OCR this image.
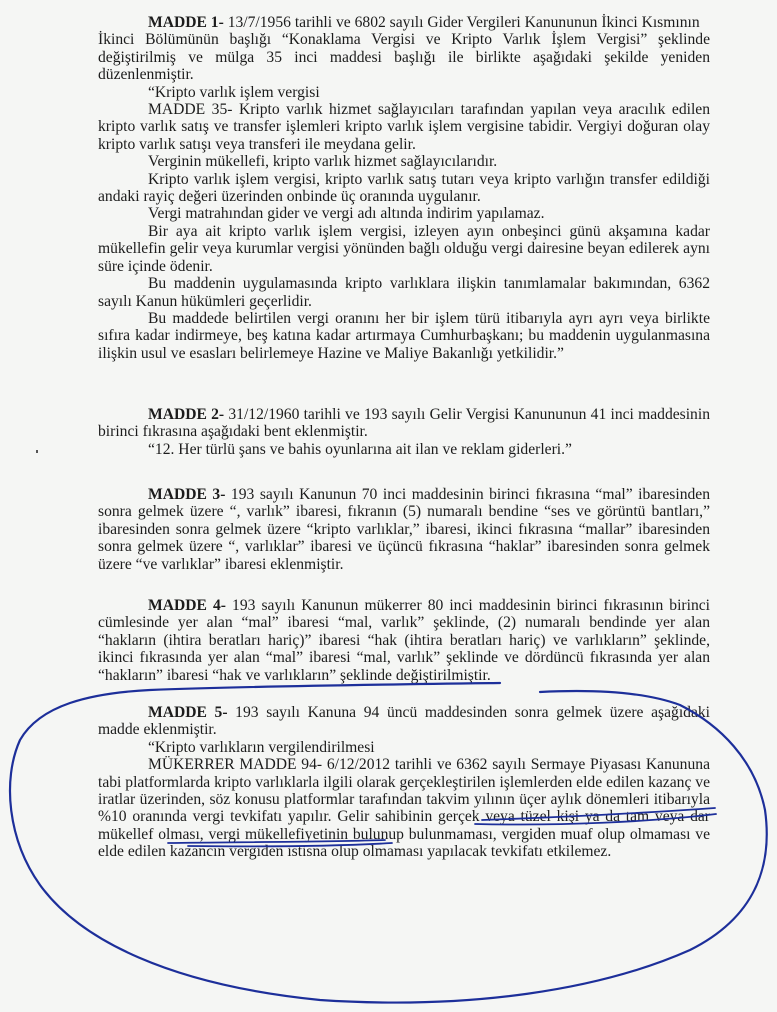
MADDE 1- 13/7/1956 tarihli ve 6802 sayılı Gider Vergileri Kanununun İkinci Kısmının

İkinci Bölümünün başlığı “Konaklama Vergisi ve Kripto Varlık İşlem Vergisi” şeklinde değiştirilmiş ve mülga 35 inci maddesi başlığı ile birlikte aşağıdaki şekilde yeniden düzenlenmiştir.

“Kripto varlık işlem vergisi

MADDE 35- Kripto varlık hizmet sağlayıcıları tarafından yapılan veya aracılık edilen kripto varlık satış ve transfer işlemleri kripto varlık işlem vergisine tabidir. Vergiyi doğuran olay kripto varlık satışı veya transferi ile meydana gelir.

Verginin mükellefi, kripto varlık hizmet sağlayıcılarıdır.

Kripto varlık işlem vergisi, kripto varlık satış tutarı veya kripto varlığın transfer edildiği andaki rayiç değeri üzerinden onbinde üç oranında uygulanır.

Vergi matrahından gider ve vergi adı altında indirim yapılamaz.

Bir aya ait kripto varlık işlem vergisi, izleyen ayın onbeşinci günü akşamına kadar mükellefin gelir veya kurumlar vergisi yönünden bağlı olduğu vergi dairesine beyan edilerek aynı süre içinde ödenir.

Bu maddenin uygulamasında kripto varlıklara ilişkin tanımlamalar bakımından, 6362 sayılı Kanun hükümleri geçerlidir.

Bu maddede belirtilen vergi oranını her bir işlem türü itibarıyla ayrı ayrı veya birlikte sıfıra kadar indirmeye, beş katına kadar artırmaya Cumhurbaşkanı; bu maddenin uygulanmasına ilişkin usul ve esasları belirlemeye Hazine ve Maliye Bakanlığı yetkilidir.”

MADDE 2- 31/12/1960 tarihli ve 193 sayılı Gelir Vergisi Kanununun 41 inci maddesinin birinci fıkrasına aşağıdaki bent eklenmiştir.

“12. Her türlü şans ve bahis oyunlarına ait ilan ve reklam giderleri.”

MADDE 3- 193 sayılı Kanunun 70 inci maddesinin birinci fıkrasına “mal” ibaresinden sonra gelmek üzere “, varlık” ibaresi, fıkranın (5) numaralı bendine “ses ve görüntü bantları,” ibaresinden sonra gelmek üzere “kripto varlıklar,” ibaresi, ikinci fıkrasına “mallar” ibaresinden sonra gelmek üzere “, varlıklar” ibaresi ve üçüncü fıkrasına “haklar” ibaresinden sonra gelmek üzere “ve varlıklar” ibaresi eklenmiştir.

MADDE 4- 193 sayılı Kanunun mükerrer 80 inci maddesinin birinci fıkrasının birinci cümlesinde yer alan “mal” ibaresi “mal, varlık” şeklinde, (2) numaralı bendinde yer alan “hakların (ihtira beratları hariç)” ibaresi “hak (ihtira beratları hariç) ve varlıkların” şeklinde, ikinci fıkrasında yer alan “mal” ibaresi “mal, varlık” şeklinde ve dördüncü fıkrasında yer alan “hakların” ibaresi “hak ve varlıkların” şeklinde değiştirilmiştir.

MADDE 5- 193 sayılı Kanuna 94 üncü maddesinden sonra gelmek üzere aşağıdaki madde eklenmiştir.

“Kripto varlıkların vergilendirilmesi

MÜKERRER MADDE 94- 6/12/2012 tarihli ve 6362 sayılı Sermaye Piyasası Kanununa tabi platformlarda kripto varlıklarla ilgili olarak gerçekleştirilen işlemlerden elde edilen kazanç ve iratlar üzerinden, söz konusu platformlar tarafından takvim yılının üçer aylık dönemleri itibarıyla %10 oranında vergi tevkifatı yapılır. Gelir sahibinin gerçek veya tüzel kişi ya da tam veya dar mükellef olması, vergi mükellefiyetinin bulunup bulunmaması, vergiden muaf olup olmaması ve elde edilen kazancın vergiden istisna olup olmaması yapılacak tevkifatı etkilemez.
